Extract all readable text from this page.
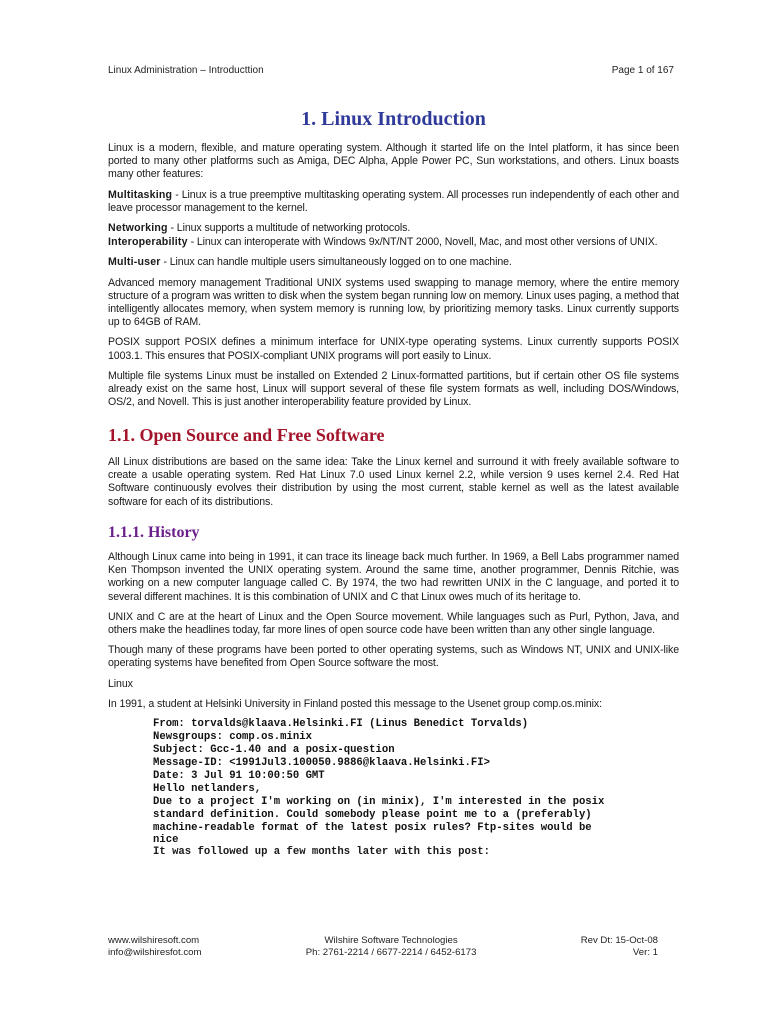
Linux Administration – Introducttion	Page 1 of 167
1. Linux Introduction

Linux is a modern, flexible, and mature operating system. Although it started life on the Intel platform, it has since been ported to many other platforms such as Amiga, DEC Alpha, Apple Power PC, Sun workstations, and others. Linux boasts many other features:

Multitasking - Linux is a true preemptive multitasking operating system. All processes run independently of each other and leave processor management to the kernel.

Networking - Linux supports a multitude of networking protocols.

Interoperability - Linux can interoperate with Windows 9x/NT/NT 2000, Novell, Mac, and most other versions of UNIX.

Multi-user - Linux can handle multiple users simultaneously logged on to one machine.

Advanced memory management Traditional UNIX systems used swapping to manage memory, where the entire memory structure of a program was written to disk when the system began running low on memory. Linux uses paging, a method that intelligently allocates memory, when system memory is running low, by prioritizing memory tasks. Linux currently supports up to 64GB of RAM.

POSIX support POSIX defines a minimum interface for UNIX-type operating systems. Linux currently supports POSIX 1003.1. This ensures that POSIX-compliant UNIX programs will port easily to Linux.

Multiple file systems Linux must be installed on Extended 2 Linux-formatted partitions, but if certain other OS file systems already exist on the same host, Linux will support several of these file system formats as well, including DOS/Windows, OS/2, and Novell. This is just another interoperability feature provided by Linux.

1.1. Open Source and Free Software

All Linux distributions are based on the same idea: Take the Linux kernel and surround it with freely available software to create a usable operating system. Red Hat Linux 7.0 used Linux kernel 2.2, while version 9 uses kernel 2.4. Red Hat Software continuously evolves their distribution by using the most current, stable kernel as well as the latest available software for each of its distributions.

1.1.1. History

Although Linux came into being in 1991, it can trace its lineage back much further. In 1969, a Bell Labs programmer named Ken Thompson invented the UNIX operating system. Around the same time, another programmer, Dennis Ritchie, was working on a new computer language called C. By 1974, the two had rewritten UNIX in the C language, and ported it to several different machines. It is this combination of UNIX and C that Linux owes much of its heritage to.

UNIX and C are at the heart of Linux and the Open Source movement. While languages such as Purl, Python, Java, and others make the headlines today, far more lines of open source code have been written than any other single language.

Though many of these programs have been ported to other operating systems, such as Windows NT, UNIX and UNIX-like operating systems have benefited from Open Source software the most.

Linux

In 1991, a student at Helsinki University in Finland posted this message to the Usenet group comp.os.minix:

From: torvalds@klaava.Helsinki.FI (Linus Benedict Torvalds)
Newsgroups: comp.os.minix
Subject: Gcc-1.40 and a posix-question
Message-ID: <1991Jul3.100050.9886@klaava.Helsinki.FI>
Date: 3 Jul 91 10:00:50 GMT
Hello netlanders,
Due to a project I'm working on (in minix), I'm interested in the posix
standard definition. Could somebody please point me to a (preferably)
machine-readable format of the latest posix rules? Ftp-sites would be
nice
It was followed up a few months later with this post:
www.wilshiresoft.com
info@wilshiresfot.com
Wilshire Software Technologies
Ph: 2761-2214 / 6677-2214 / 6452-6173
Rev Dt: 15-Oct-08
Ver: 1
